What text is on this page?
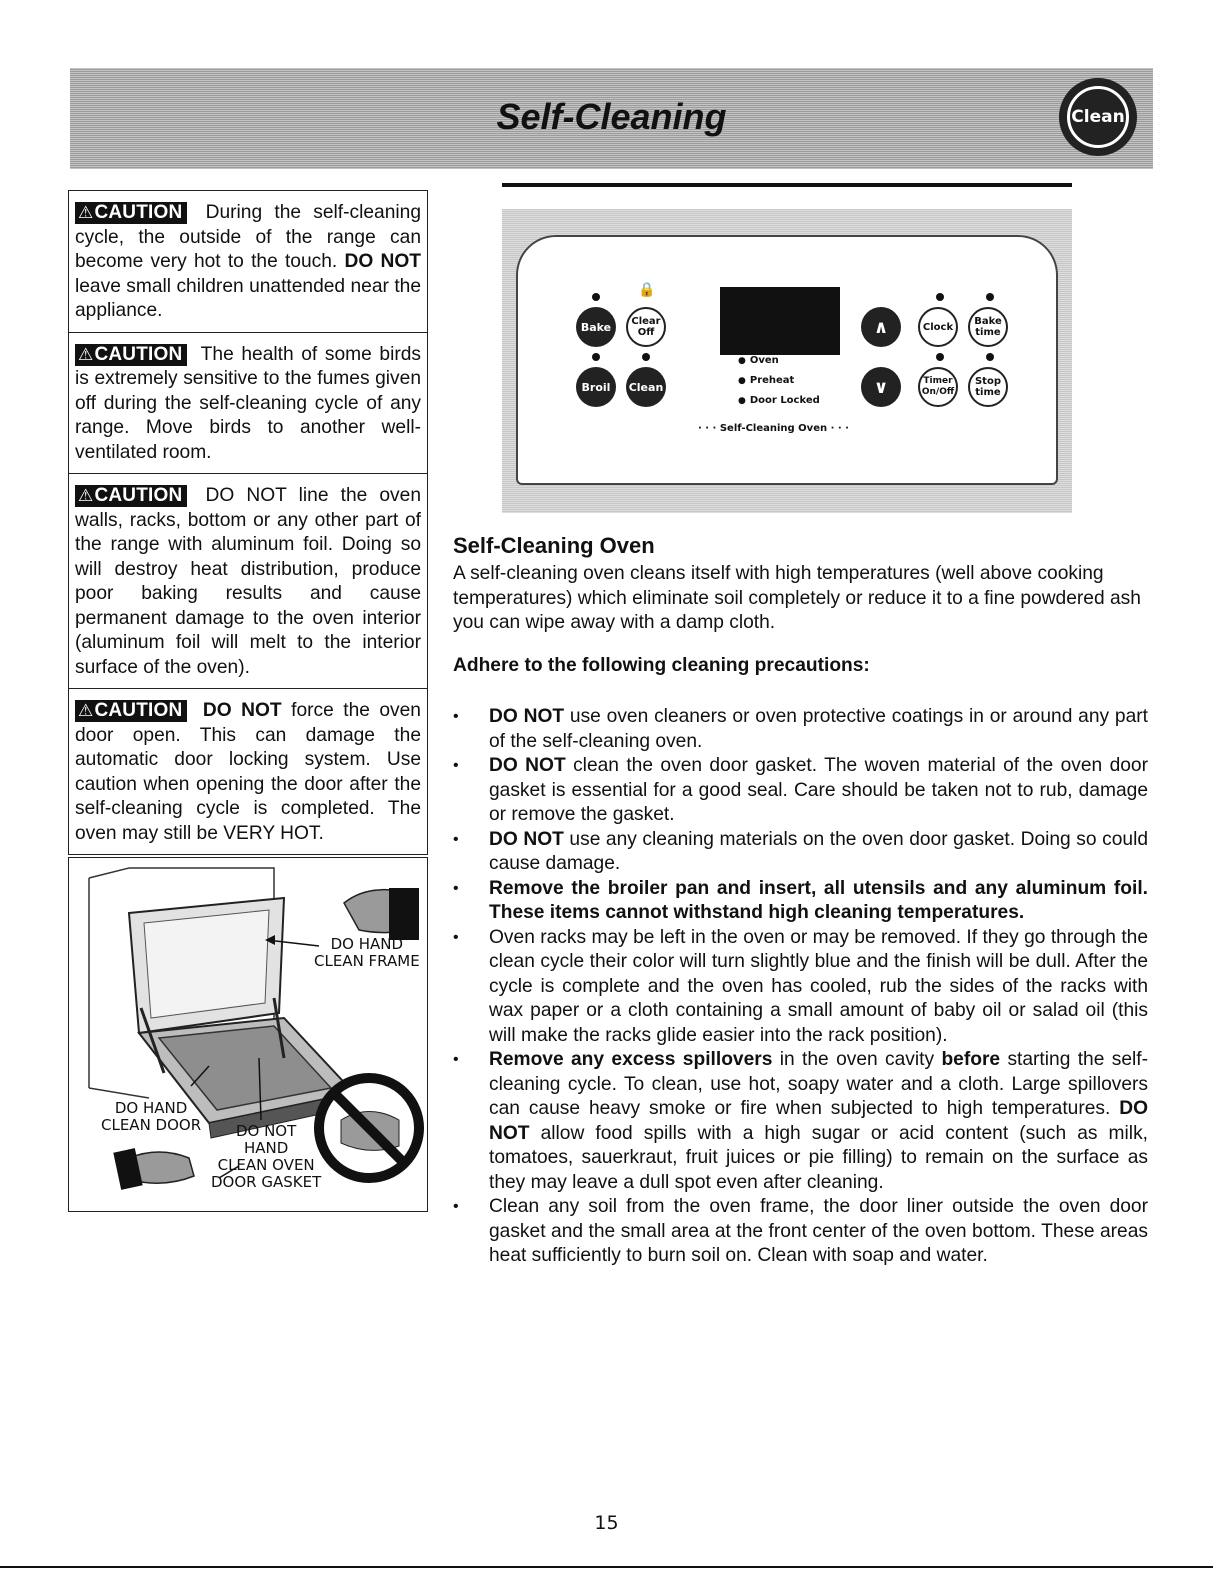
Self-Cleaning	Clean
⚠CAUTION During the self-cleaning cycle, the outside of the range can become very hot to the touch. DO NOT leave small children unattended near the appliance.
⚠CAUTION The health of some birds is extremely sensitive to the fumes given off during the self-cleaning cycle of any range. Move birds to another well-ventilated room.
⚠CAUTION DO NOT line the oven walls, racks, bottom or any other part of the range with aluminum foil. Doing so will destroy heat distribution, produce poor baking results and cause permanent damage to the oven interior (aluminum foil will melt to the interior surface of the oven).
⚠CAUTION DO NOT force the oven door open. This can damage the automatic door locking system. Use caution when opening the door after the self-cleaning cycle is completed. The oven may still be VERY HOT.
DO HAND
CLEAN FRAME
DO HAND
CLEAN DOOR	DO NOT
HAND
CLEAN OVEN
DOOR GASKET
🔒
Bake	Clear
Off
Broil	Clean
● Oven
● Preheat
● Door Locked
· · · Self-Cleaning Oven · · ·
∧
∨
Clock	Bake
time
Timer
On/Off
Stop
time
Self-Cleaning Oven
A self-cleaning oven cleans itself with high temperatures (well above cooking temperatures) which eliminate soil completely or reduce it to a fine powdered ash you can wipe away with a damp cloth.
Adhere to the following cleaning precautions:
• DO NOT use oven cleaners or oven protective coatings in or around any part of the self-cleaning oven.
• DO NOT clean the oven door gasket. The woven material of the oven door gasket is essential for a good seal. Care should be taken not to rub, damage or remove the gasket.
• DO NOT use any cleaning materials on the oven door gasket. Doing so could cause damage.
• Remove the broiler pan and insert, all utensils and any aluminum foil. These items cannot withstand high cleaning temperatures.
• Oven racks may be left in the oven or may be removed. If they go through the clean cycle their color will turn slightly blue and the finish will be dull. After the cycle is complete and the oven has cooled, rub the sides of the racks with wax paper or a cloth containing a small amount of baby oil or salad oil (this will make the racks glide easier into the rack position).
• Remove any excess spillovers in the oven cavity before starting the self-cleaning cycle. To clean, use hot, soapy water and a cloth. Large spillovers can cause heavy smoke or fire when subjected to high temperatures. DO NOT allow food spills with a high sugar or acid content (such as milk, tomatoes, sauerkraut, fruit juices or pie filling) to remain on the surface as they may leave a dull spot even after cleaning.
• Clean any soil from the oven frame, the door liner outside the oven door gasket and the small area at the front center of the oven bottom. These areas heat sufficiently to burn soil on. Clean with soap and water.
15
